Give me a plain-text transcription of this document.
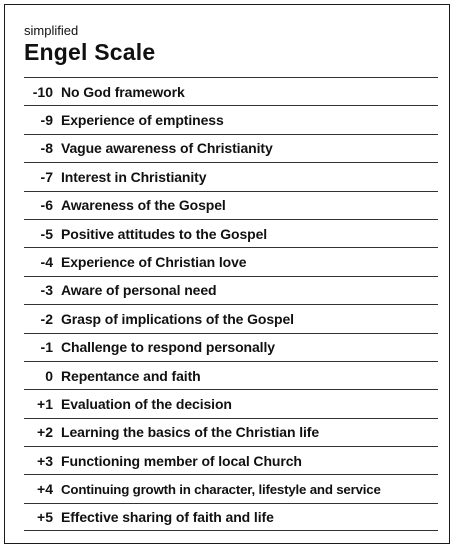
simplified
Engel Scale
-10 No God framework
-9 Experience of emptiness
-8 Vague awareness of Christianity
-7 Interest in Christianity
-6 Awareness of the Gospel
-5 Positive attitudes to the Gospel
-4 Experience of Christian love
-3 Aware of personal need
-2 Grasp of implications of the Gospel
-1 Challenge to respond personally
0 Repentance and faith
+1 Evaluation of the decision
+2 Learning the basics of the Christian life
+3 Functioning member of local Church
+4 Continuing growth in character, lifestyle and service
+5 Effective sharing of faith and life
